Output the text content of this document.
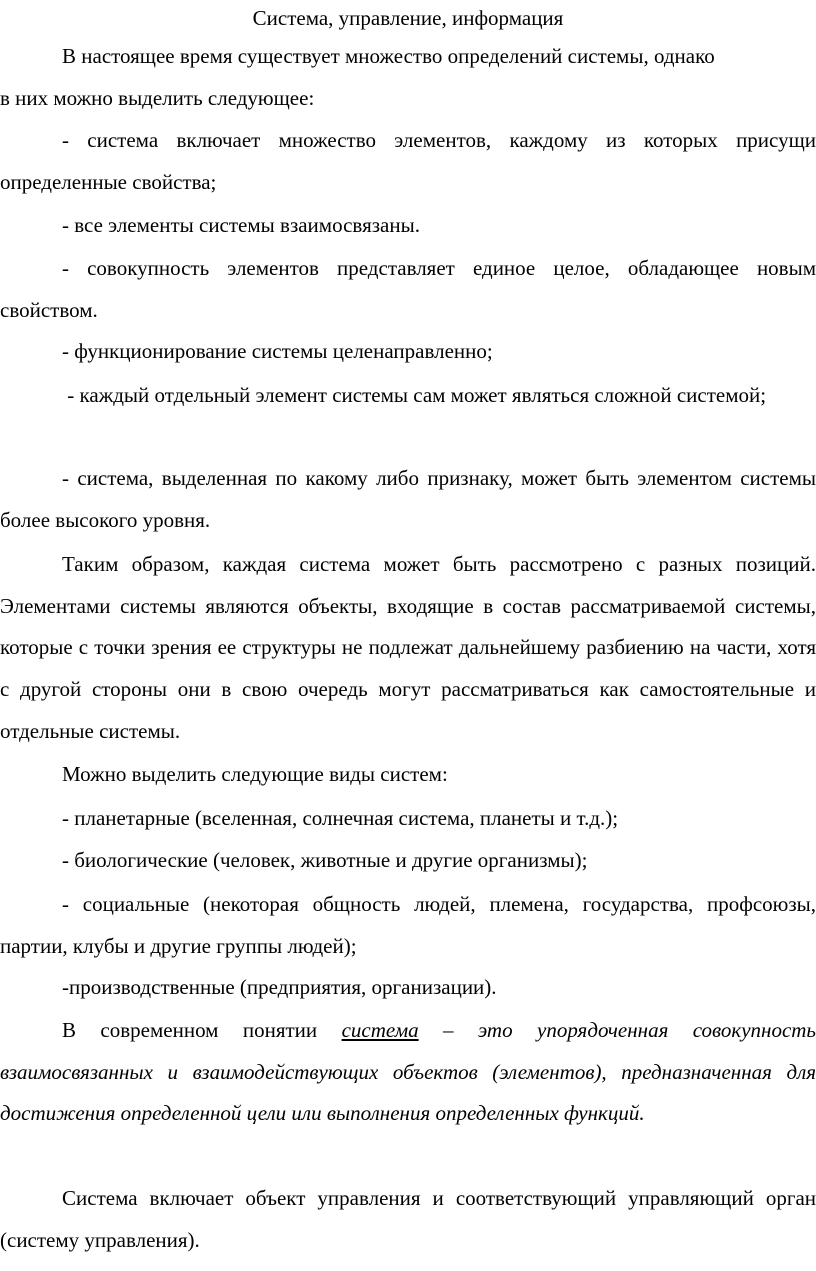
Система, управление, информация
В настоящее время существует множество определений системы, однако
в них можно выделить следующее:

- система включает множество элементов, каждому из которых присущи определенные свойства;

- все элементы системы взаимосвязаны.

- совокупность элементов представляет единое целое, обладающее новым свойством.

- функционирование системы целенаправленно;

- каждый отдельный элемент системы сам может являться сложной системой;

- система, выделенная по какому либо признаку, может быть элементом системы более высокого уровня.

Таким образом, каждая система может быть рассмотрено с разных позиций. Элементами системы являются объекты, входящие в состав рассматриваемой системы, которые с точки зрения ее структуры не подлежат дальнейшему разбиению на части, хотя с другой стороны они в свою очередь могут рассматриваться как самостоятельные и отдельные системы.

Можно выделить следующие виды систем:

- планетарные (вселенная, солнечная система, планеты и т.д.);

- биологические (человек, животные и другие организмы);

- социальные (некоторая общность людей, племена, государства, профсоюзы, партии, клубы и другие группы людей);

-производственные (предприятия, организации).

В современном понятии система – это упорядоченная совокупность взаимосвязанных и взаимодействующих объектов (элементов), предназначенная для достижения определенной цели или выполнения определенных функций.

Система включает объект управления и соответствующий управляющий орган (систему управления).
